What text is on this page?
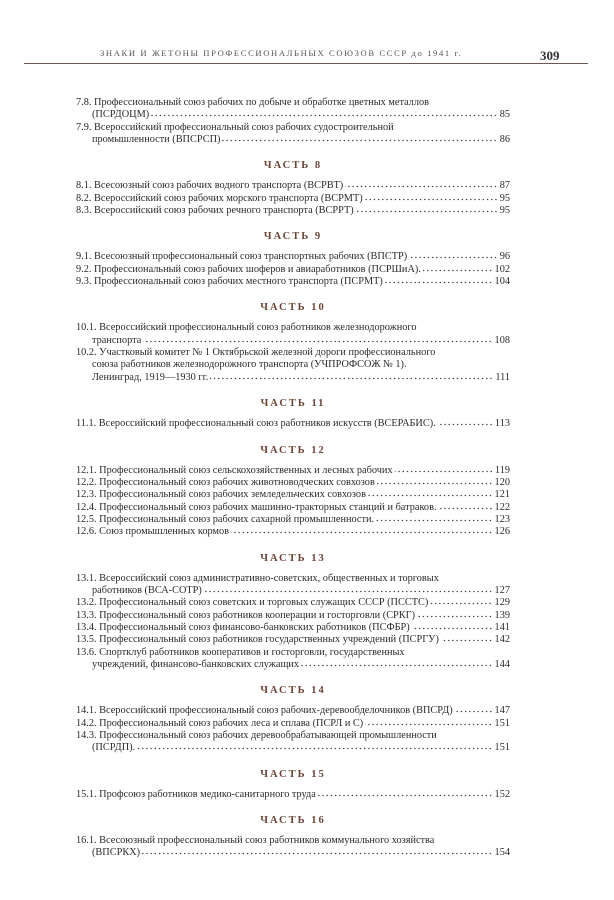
ЗНАКИ И ЖЕТОНЫ ПРОФЕССИОНАЛЬНЫХ СОЮЗОВ СССР до 1941 г.	309
7.8. Профессиональный союз рабочих по добыче и обработке цветных металлов
(ПСРДОЦМ)	85
7.9. Всероссийский профессиональный союз рабочих судостроительной
промышленности (ВПСРСП)	86
ЧАСТЬ 8
8.1. Всесоюзный союз рабочих водного транспорта (ВСРВТ)	87
8.2. Всероссийский союз рабочих морского транспорта (ВСРМТ)	95
8.3. Всероссийский союз рабочих речного транспорта (ВСРРТ)	95
ЧАСТЬ 9
9.1. Всесоюзный профессиональный союз транспортных рабочих (ВПСТР)	96
9.2. Профессиональный союз рабочих шоферов и авиаработников (ПСРШиА).	102
9.3. Профессиональный союз рабочих местного транспорта (ПСРМТ)	104
ЧАСТЬ 10
10.1. Всероссийский профессиональный союз работников железнодорожного
транспорта	108
10.2. Участковый комитет № 1 Октябрьской железной дороги профессионального
союза работников железнодорожного транспорта (УЧПРОФСОЖ № 1).
Ленинград, 1919—1930 гг.	111
ЧАСТЬ 11
11.1. Всероссийский профессиональный союз работников искусств (ВСЕРАБИС).	113
ЧАСТЬ 12
12.1. Профессиональный союз сельскохозяйственных и лесных рабочих	119
12.2. Профессиональный союз рабочих животноводческих совхозов	120
12.3. Профессиональный союз рабочих земледельческих совхозов	121
12.4. Профессиональный союз рабочих машинно-тракторных станций и батраков.	122
12.5. Профессиональный союз рабочих сахарной промышленности.	123
12.6. Союз промышленных кормов	126
ЧАСТЬ 13
13.1. Всероссийский союз административно-советских, общественных и торговых
работников (ВСА-СОТР)	127
13.2. Профессиональный союз советских и торговых служащих СССР (ПССТС)	129
13.3. Профессиональный союз работников кооперации и госторговли (СРКГ)	139
13.4. Профессиональный союз финансово-банковских работников (ПСФБР)	141
13.5. Профессиональный союз работников государственных учреждений (ПСРГУ)	142
13.6. Спортклуб работников кооперативов и госторговли, государственных
учреждений, финансово-банковских служащих	144
ЧАСТЬ 14
14.1. Всероссийский профессиональный союз рабочих-деревообделочников (ВПСРД)	147
14.2. Профессиональный союз рабочих леса и сплава (ПСРЛ и С)	151
14.3. Профессиональный союз рабочих деревообрабатывающей промышленности
(ПСРДП).	151
ЧАСТЬ 15
15.1. Профсоюз работников медико-санитарного труда	152
ЧАСТЬ 16
16.1. Всесоюзный профессиональный союз работников коммунального хозяйства
(ВПСРКХ)	154
